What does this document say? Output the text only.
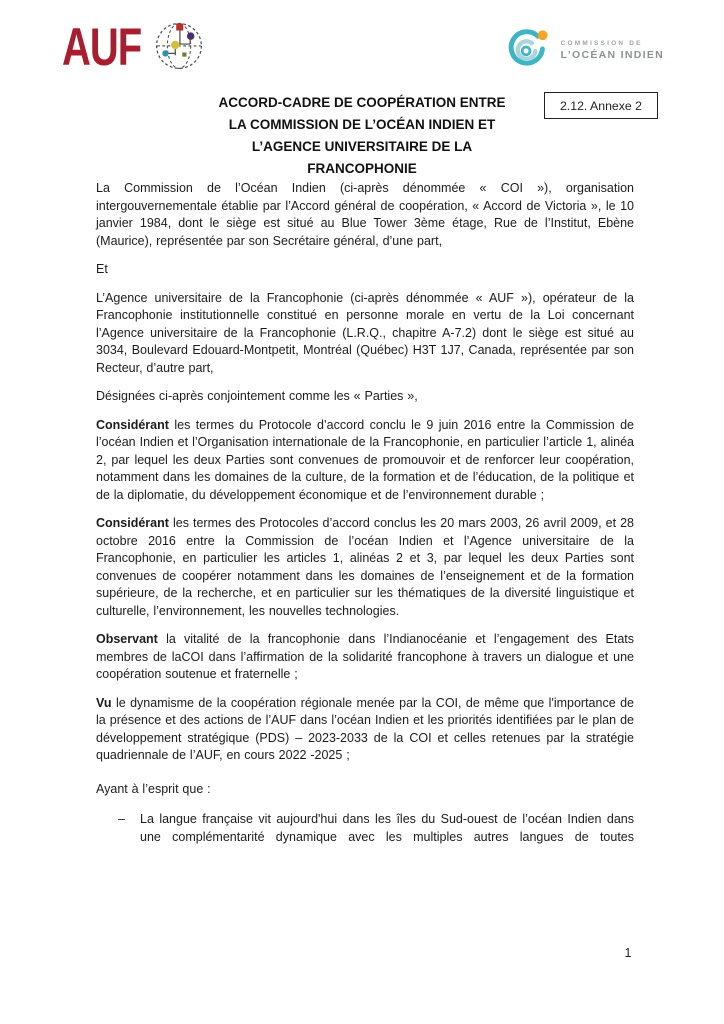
AUF	COMMISSION DE
L’OCÉAN INDIEN
ACCORD-CADRE DE COOPÉRATION ENTRE
LA COMMISSION DE L’OCÉAN INDIEN ET
L’AGENCE UNIVERSITAIRE DE LA
FRANCOPHONIE
2.12. Annexe 2

La Commission de l’Océan Indien (ci-après dénommée « COI »), organisation intergouvernementale établie par l’Accord général de coopération, « Accord de Victoria », le 10 janvier 1984, dont le siège est situé au Blue Tower 3ème étage, Rue de l’Institut, Ebène (Maurice), représentée par son Secrétaire général, d’une part,

Et

L’Agence universitaire de la Francophonie (ci-après dénommée « AUF »), opérateur de la Francophonie institutionnelle constitué en personne morale en vertu de la Loi concernant l’Agence universitaire de la Francophonie (L.R.Q., chapitre A-7.2) dont le siège est situé au 3034, Boulevard Edouard-Montpetit, Montréal (Québec) H3T 1J7, Canada, représentée par son Recteur, d’autre part,

Désignées ci-après conjointement comme les « Parties »,

Considérant les termes du Protocole d’accord conclu le 9 juin 2016 entre la Commission de l’océan Indien et l’Organisation internationale de la Francophonie, en particulier l’article 1, alinéa 2, par lequel les deux Parties sont convenues de promouvoir et de renforcer leur coopération, notamment dans les domaines de la culture, de la formation et de l’éducation, de la politique et de la diplomatie, du développement économique et de l’environnement durable ;

Considérant les termes des Protocoles d’accord conclus les 20 mars 2003, 26 avril 2009, et 28 octobre 2016 entre la Commission de l’océan Indien et l’Agence universitaire de la Francophonie, en particulier les articles 1, alinéas 2 et 3, par lequel les deux Parties sont convenues de coopérer notamment dans les domaines de l’enseignement et de la formation supérieure, de la recherche, et en particulier sur les thématiques de la diversité linguistique et culturelle, l’environnement, les nouvelles technologies.

Observant la vitalité de la francophonie dans l’Indianocéanie et l’engagement des Etats membres de laCOI dans l’affirmation de la solidarité francophone à travers un dialogue et une coopération soutenue et fraternelle ;

Vu le dynamisme de la coopération régionale menée par la COI, de même que l'importance de la présence et des actions de l’AUF dans l’océan Indien et les priorités identifiées par le plan de développement stratégique (PDS) – 2023-2033 de la COI et celles retenues par la stratégie quadriennale de l’AUF, en cours 2022 -2025 ;

Ayant à l’esprit que :

–	La langue française vit aujourd'hui dans les îles du Sud-ouest de l’océan Indien dans une complémentarité dynamique avec les multiples autres langues de toutes
1
